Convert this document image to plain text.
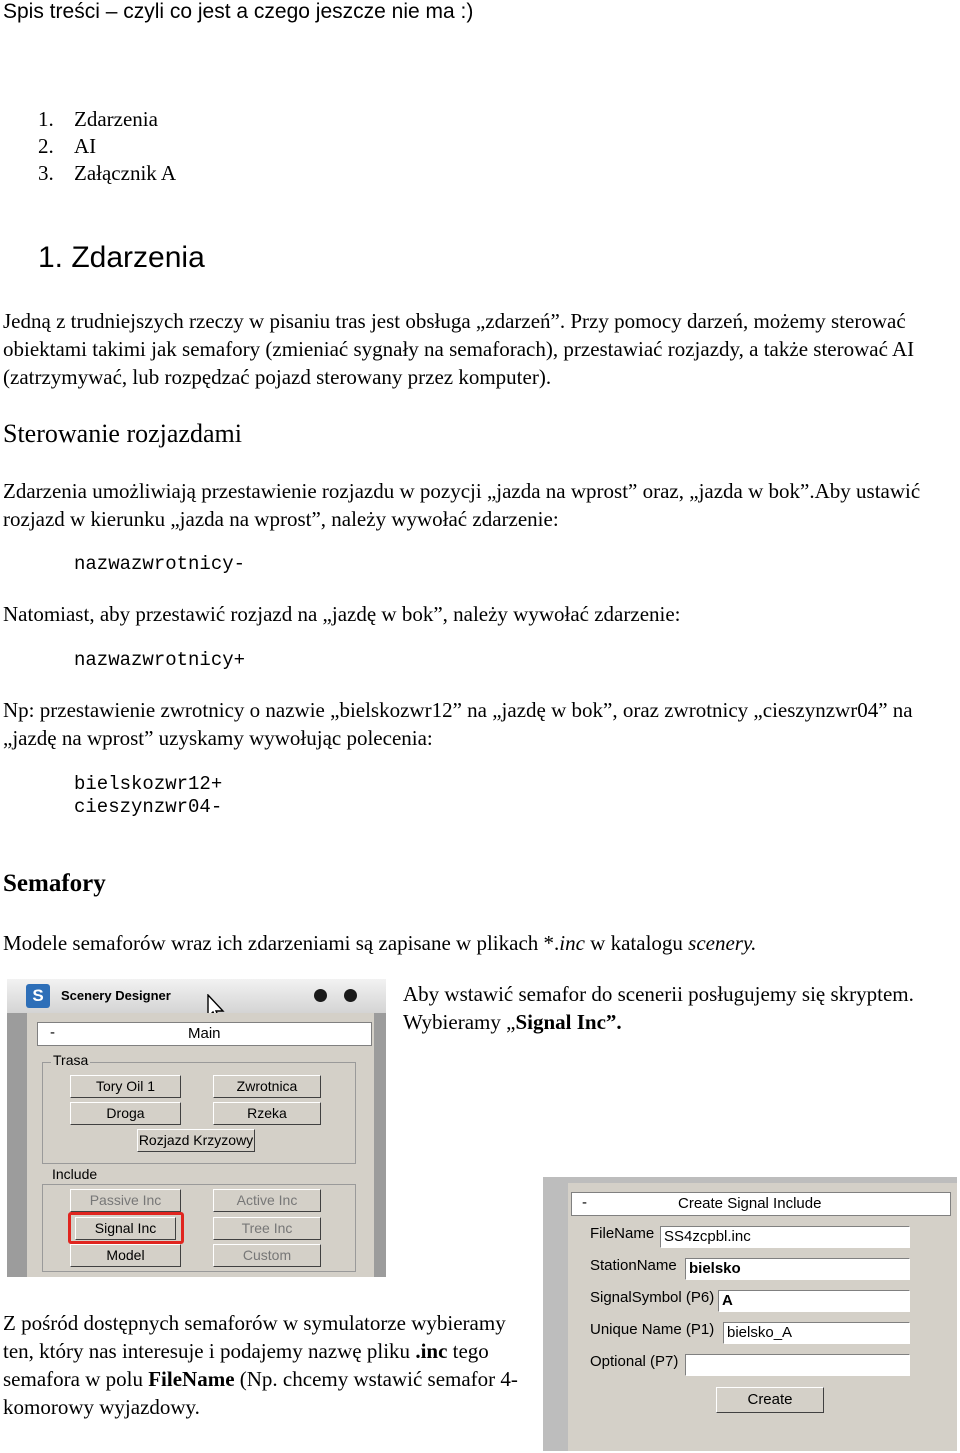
Spis treści – czyli co jest a czego jeszcze nie ma :)
1. Zdarzenia
2. AI
3. Załącznik A
1. Zdarzenia
Jedną z trudniejszych rzeczy w pisaniu tras jest obsługa „zdarzeń”. Przy pomocy darzeń, możemy sterować obiektami takimi jak semafory (zmieniać sygnały na semaforach), przestawiać rozjazdy, a także sterować AI (zatrzymywać, lub rozpędzać pojazd sterowany przez komputer).
Sterowanie rozjazdami
Zdarzenia umożliwiają przestawienie rozjazdu w pozycji „jazda na wprost” oraz, „jazda w bok”.Aby ustawić rozjazd w kierunku „jazda na wprost”, należy wywołać zdarzenie:
nazwazwrotnicy-
Natomiast, aby przestawić rozjazd na „jazdę w bok”, należy wywołać zdarzenie:
nazwazwrotnicy+
Np: przestawienie zwrotnicy o nazwie „bielskozwr12” na „jazdę w bok”, oraz zwrotnicy „cieszynzwr04” na „jazdę na wprost” uzyskamy wywołując polecenia:
bielskozwr12+
cieszynzwr04-
Semafory
Modele semaforów wraz ich zdarzeniami są zapisane w plikach *.inc w katalogu scenery.
Aby wstawić semafor do scenerii posługujemy się skryptem. Wybieramy „Signal Inc”.
S	Scenery Designer
-	Main
Trasa
Tory Oil 1	Zwrotnica
Droga	Rzeka
Rozjazd Krzyzowy
Include
Passive Inc	Active Inc
Signal Inc	Tree Inc
Model	Custom
-	Create Signal Include
FileName SS4zcpbl.inc
StationName bielsko
SignalSymbol (P6) A
Unique Name (P1) bielsko_A
Optional (P7)
Create
Z pośród dostępnych semaforów w symulatorze wybieramy ten, który nas interesuje i podajemy nazwę pliku .inc tego semafora w polu FileName (Np. chcemy wstawić semafor 4-komorowy wyjazdowy.
